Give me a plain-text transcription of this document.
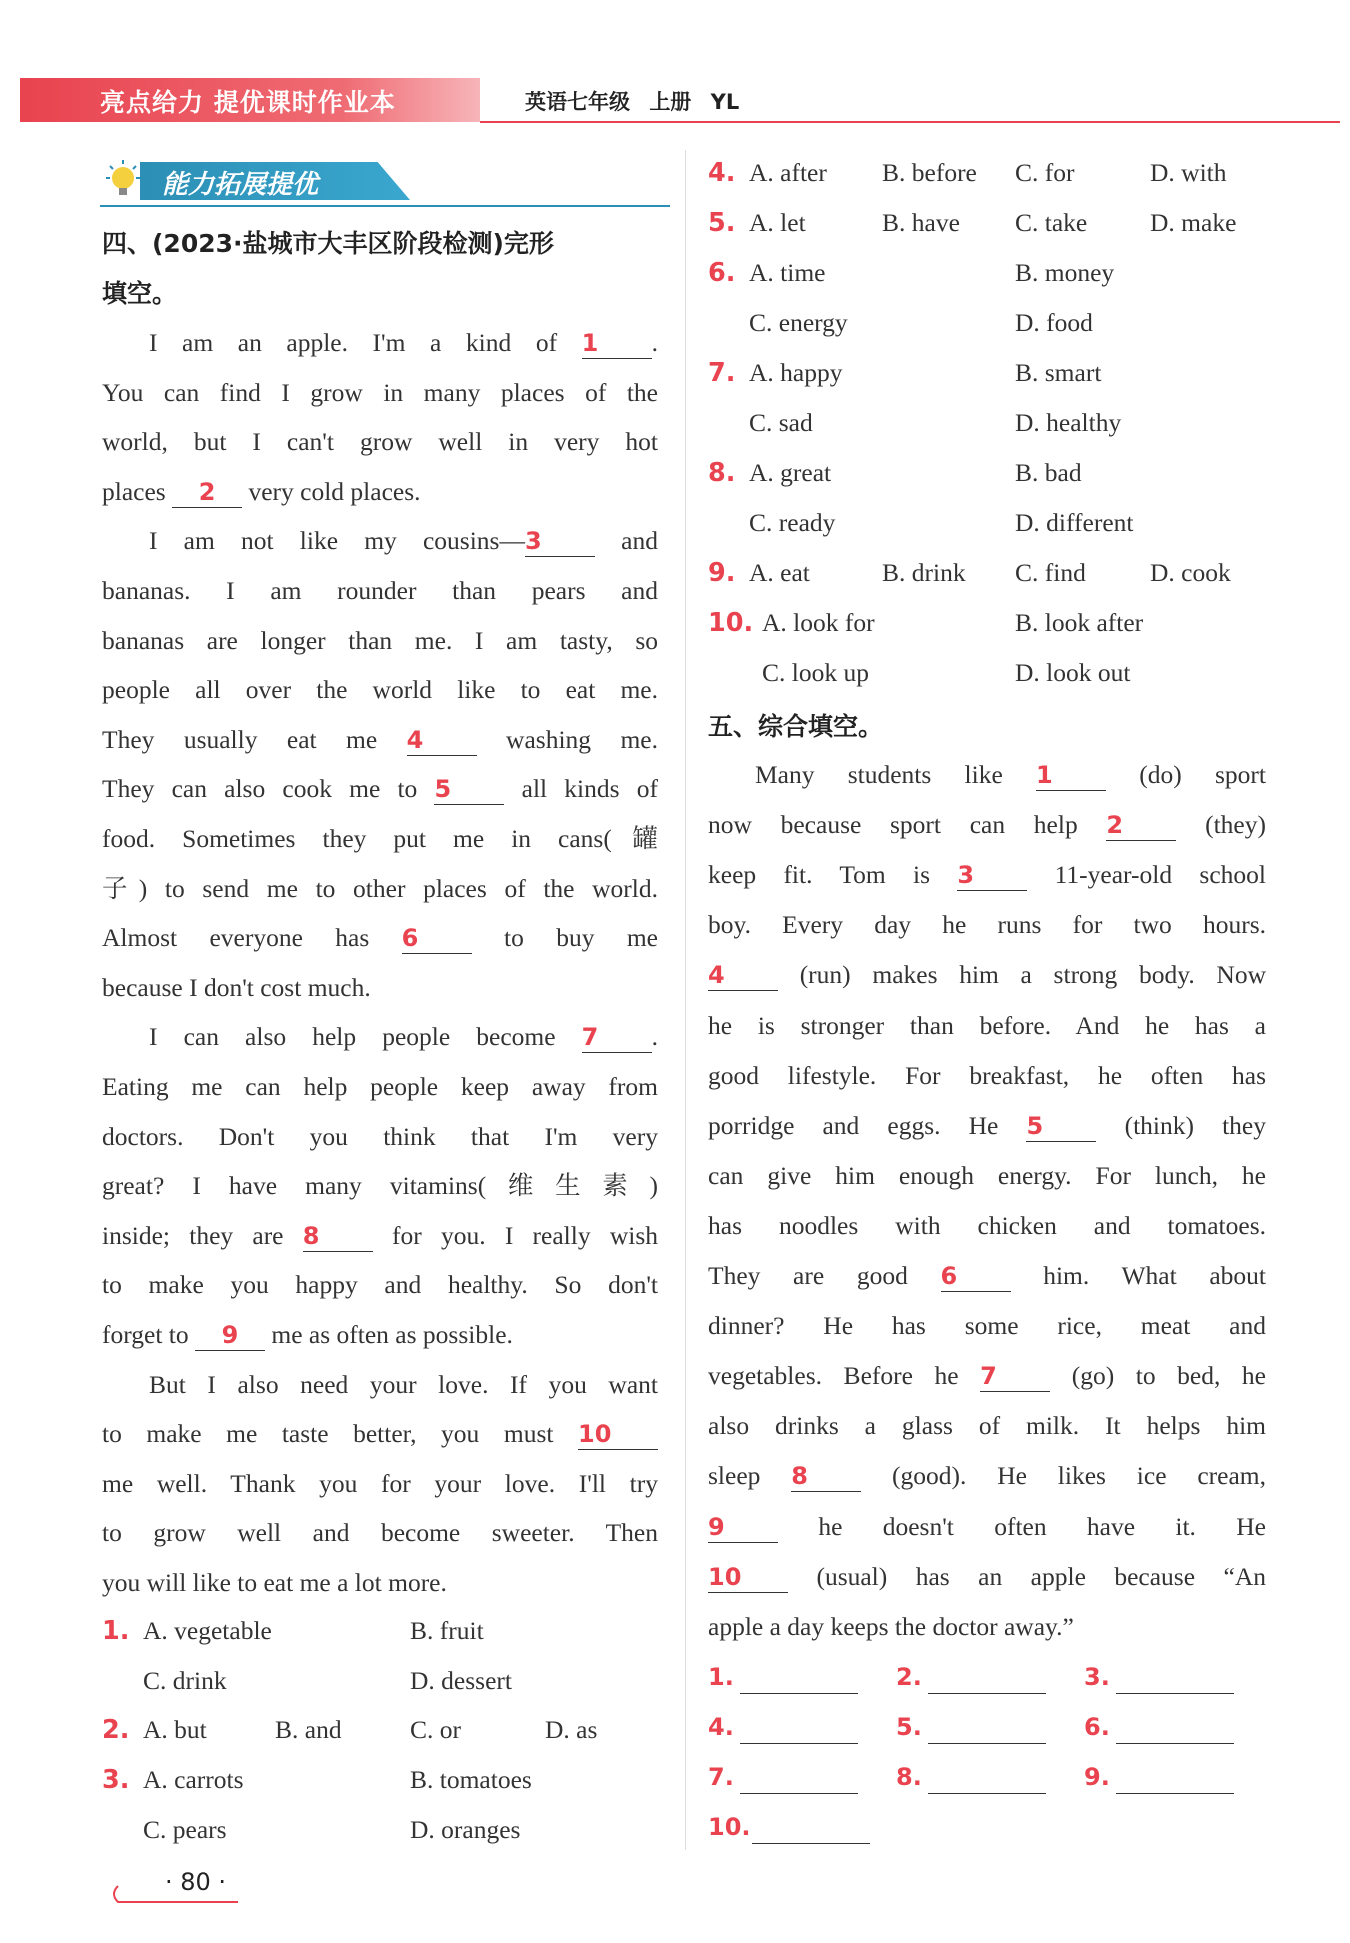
亮点给力 提优课时作业本	英语七年级 上册 YL
能力拓展提优
四、(2023·盐城市大丰区阶段检测)完形
填空。
I am an apple. I'm a kind of 1 .
You can find I grow in many places of the
world, but I can't grow well in very hot
places 2 very cold places.
I am not like my cousins—3 and
bananas. I am rounder than pears and
bananas are longer than me. I am tasty, so
people all over the world like to eat me.
They usually eat me 4 washing me.
They can also cook me to 5 all kinds of
food. Sometimes they put me in cans(罐
子) to send me to other places of the world.
Almost everyone has 6 to buy me
because I don't cost much.
I can also help people become 7 .
Eating me can help people keep away from
doctors. Don't you think that I'm very
great? I have many vitamins(维生素)
inside; they are 8 for you. I really wish
to make you happy and healthy. So don't
forget to 9 me as often as possible.
But I also need your love. If you want
to make me taste better, you must 10
me well. Thank you for your love. I'll try
to grow well and become sweeter. Then
you will like to eat me a lot more.
1. A. vegetable	B. fruit
C. drink	D. dessert
2. A. but	B. and	C. or	D. as
3. A. carrots	B. tomatoes
C. pears	D. oranges
4. A. after B. before C. for	D. with
5. A. let	B. have C. take D. make
6. A. time	B. money
C. energy	D. food
7. A. happy	B. smart
C. sad	D. healthy
8. A. great	B. bad
C. ready	D. different
9. A. eat	B. drink C. find	D. cook
10. A. look for	B. look after
C. look up	D. look out
五、综合填空。
Many students like 1 (do) sport
now because sport can help 2 (they)
keep fit. Tom is 3 11-year-old school
boy. Every day he runs for two hours.
4 (run) makes him a strong body. Now
he is stronger than before. And he has a
good lifestyle. For breakfast, he often has
porridge and eggs. He 5 (think) they
can give him enough energy. For lunch, he
has noodles with chicken and tomatoes.
They are good 6 him. What about
dinner? He has some rice, meat and
vegetables. Before he 7 (go) to bed, he
also drinks a glass of milk. It helps him
sleep 8 (good). He likes ice cream,
9 he doesn't often have it. He
10 (usual) has an apple because “An
apple a day keeps the doctor away.”
1.	2.	3.
4.	5.	6.
7.	8.	9.
10.
· 80 ·
